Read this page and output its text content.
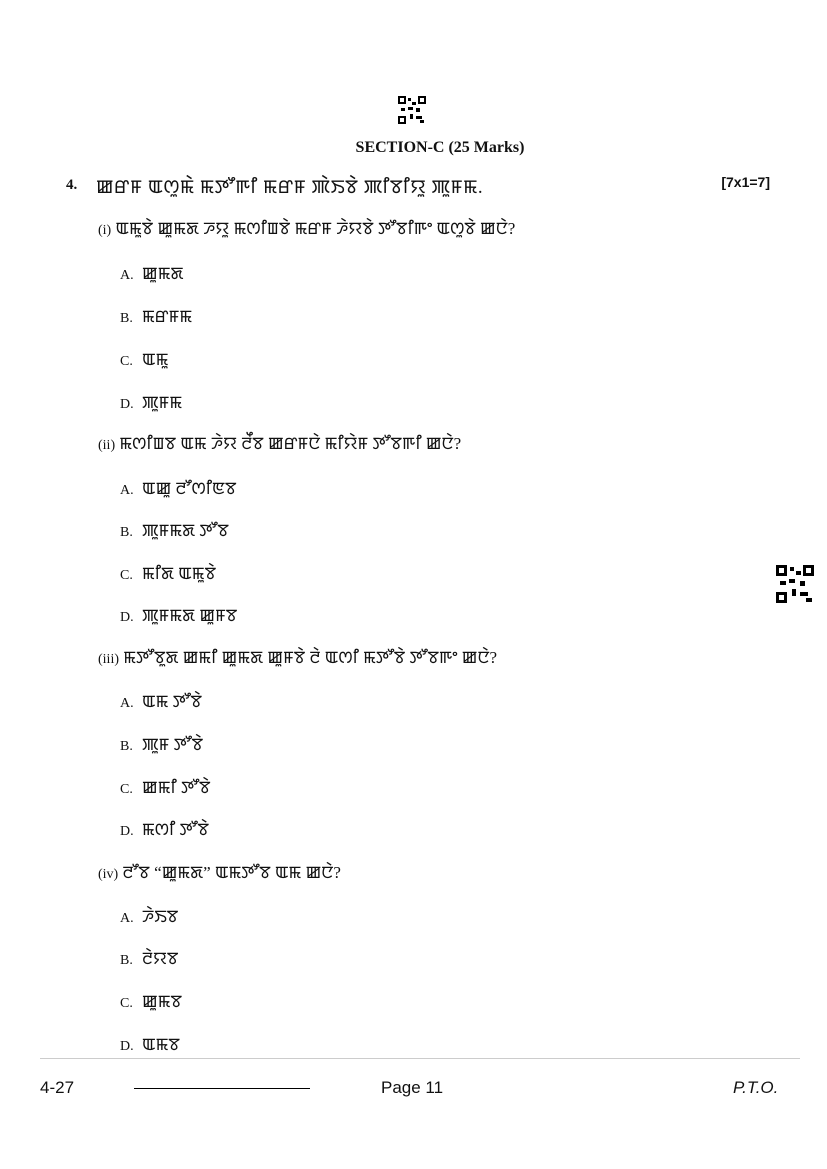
SECTION-C (25 Marks)
4. ꯀꯔꯝ ꯑꯁꯨꯃꯥ ꯃꯇꯧꯒꯤ ꯃꯔꯝ ꯄꯥꯏꯕꯥ ꯄꯤꯕꯤꯌꯨ ꯄꯨꯝꯃ.	[7x1=7]
(i) ꯑꯃꯨꯕꯥ ꯀꯨꯃꯗ ꯍꯌꯨ ꯃꯁꯤꯡꯕꯥ ꯃꯔꯝ ꯍꯥꯌꯕꯥ ꯇꯧꯕꯤꯒꯦ ꯑꯁꯨꯕꯥ ꯀꯅꯥ?
A. ꯀꯨꯃꯗ
B. ꯃꯔꯝꯃ
C. ꯑꯃꯨ
D. ꯄꯨꯝꯃ
(ii) ꯃꯁꯤꯡꯕ ꯑꯃ ꯍꯥꯌ ꯂꯩꯕ ꯀꯔꯝꯅꯥ ꯃꯤꯌꯥꯝ ꯇꯧꯕꯒꯤ ꯀꯅꯥ?
A. ꯑꯀꯨ ꯂꯧꯁꯤꯟꯕ
B. ꯄꯨꯝꯃꯗ ꯇꯧꯕ
C. ꯃꯤꯗ ꯑꯃꯨꯕꯥ
D. ꯄꯨꯝꯃꯗ ꯀꯨꯝꯕ
(iii) ꯃꯇꯧꯕꯨꯗ ꯀꯃꯤ ꯀꯨꯃꯗ ꯀꯨꯝꯕꯥ ꯂꯥ ꯑꯁꯤ ꯃꯇꯧꯕꯥ ꯇꯧꯕꯒꯦ ꯀꯅꯥ?
A. ꯑꯃ ꯇꯧꯕꯥ
B. ꯄꯨꯝ ꯇꯧꯕꯥ
C. ꯀꯃꯤ ꯇꯧꯕꯥ
D. ꯃꯁꯤ ꯇꯧꯕꯥ
(iv) ꯂꯧꯕ “ꯀꯨꯃꯗ” ꯑꯃꯇꯧꯕ ꯑꯃ ꯀꯅꯥ?
A. ꯍꯥꯏꯕ
B. ꯂꯥꯌꯕ
C. ꯀꯨꯃꯕ
D. ꯑꯃꯕ
4-27	Page 11	P.T.O.
